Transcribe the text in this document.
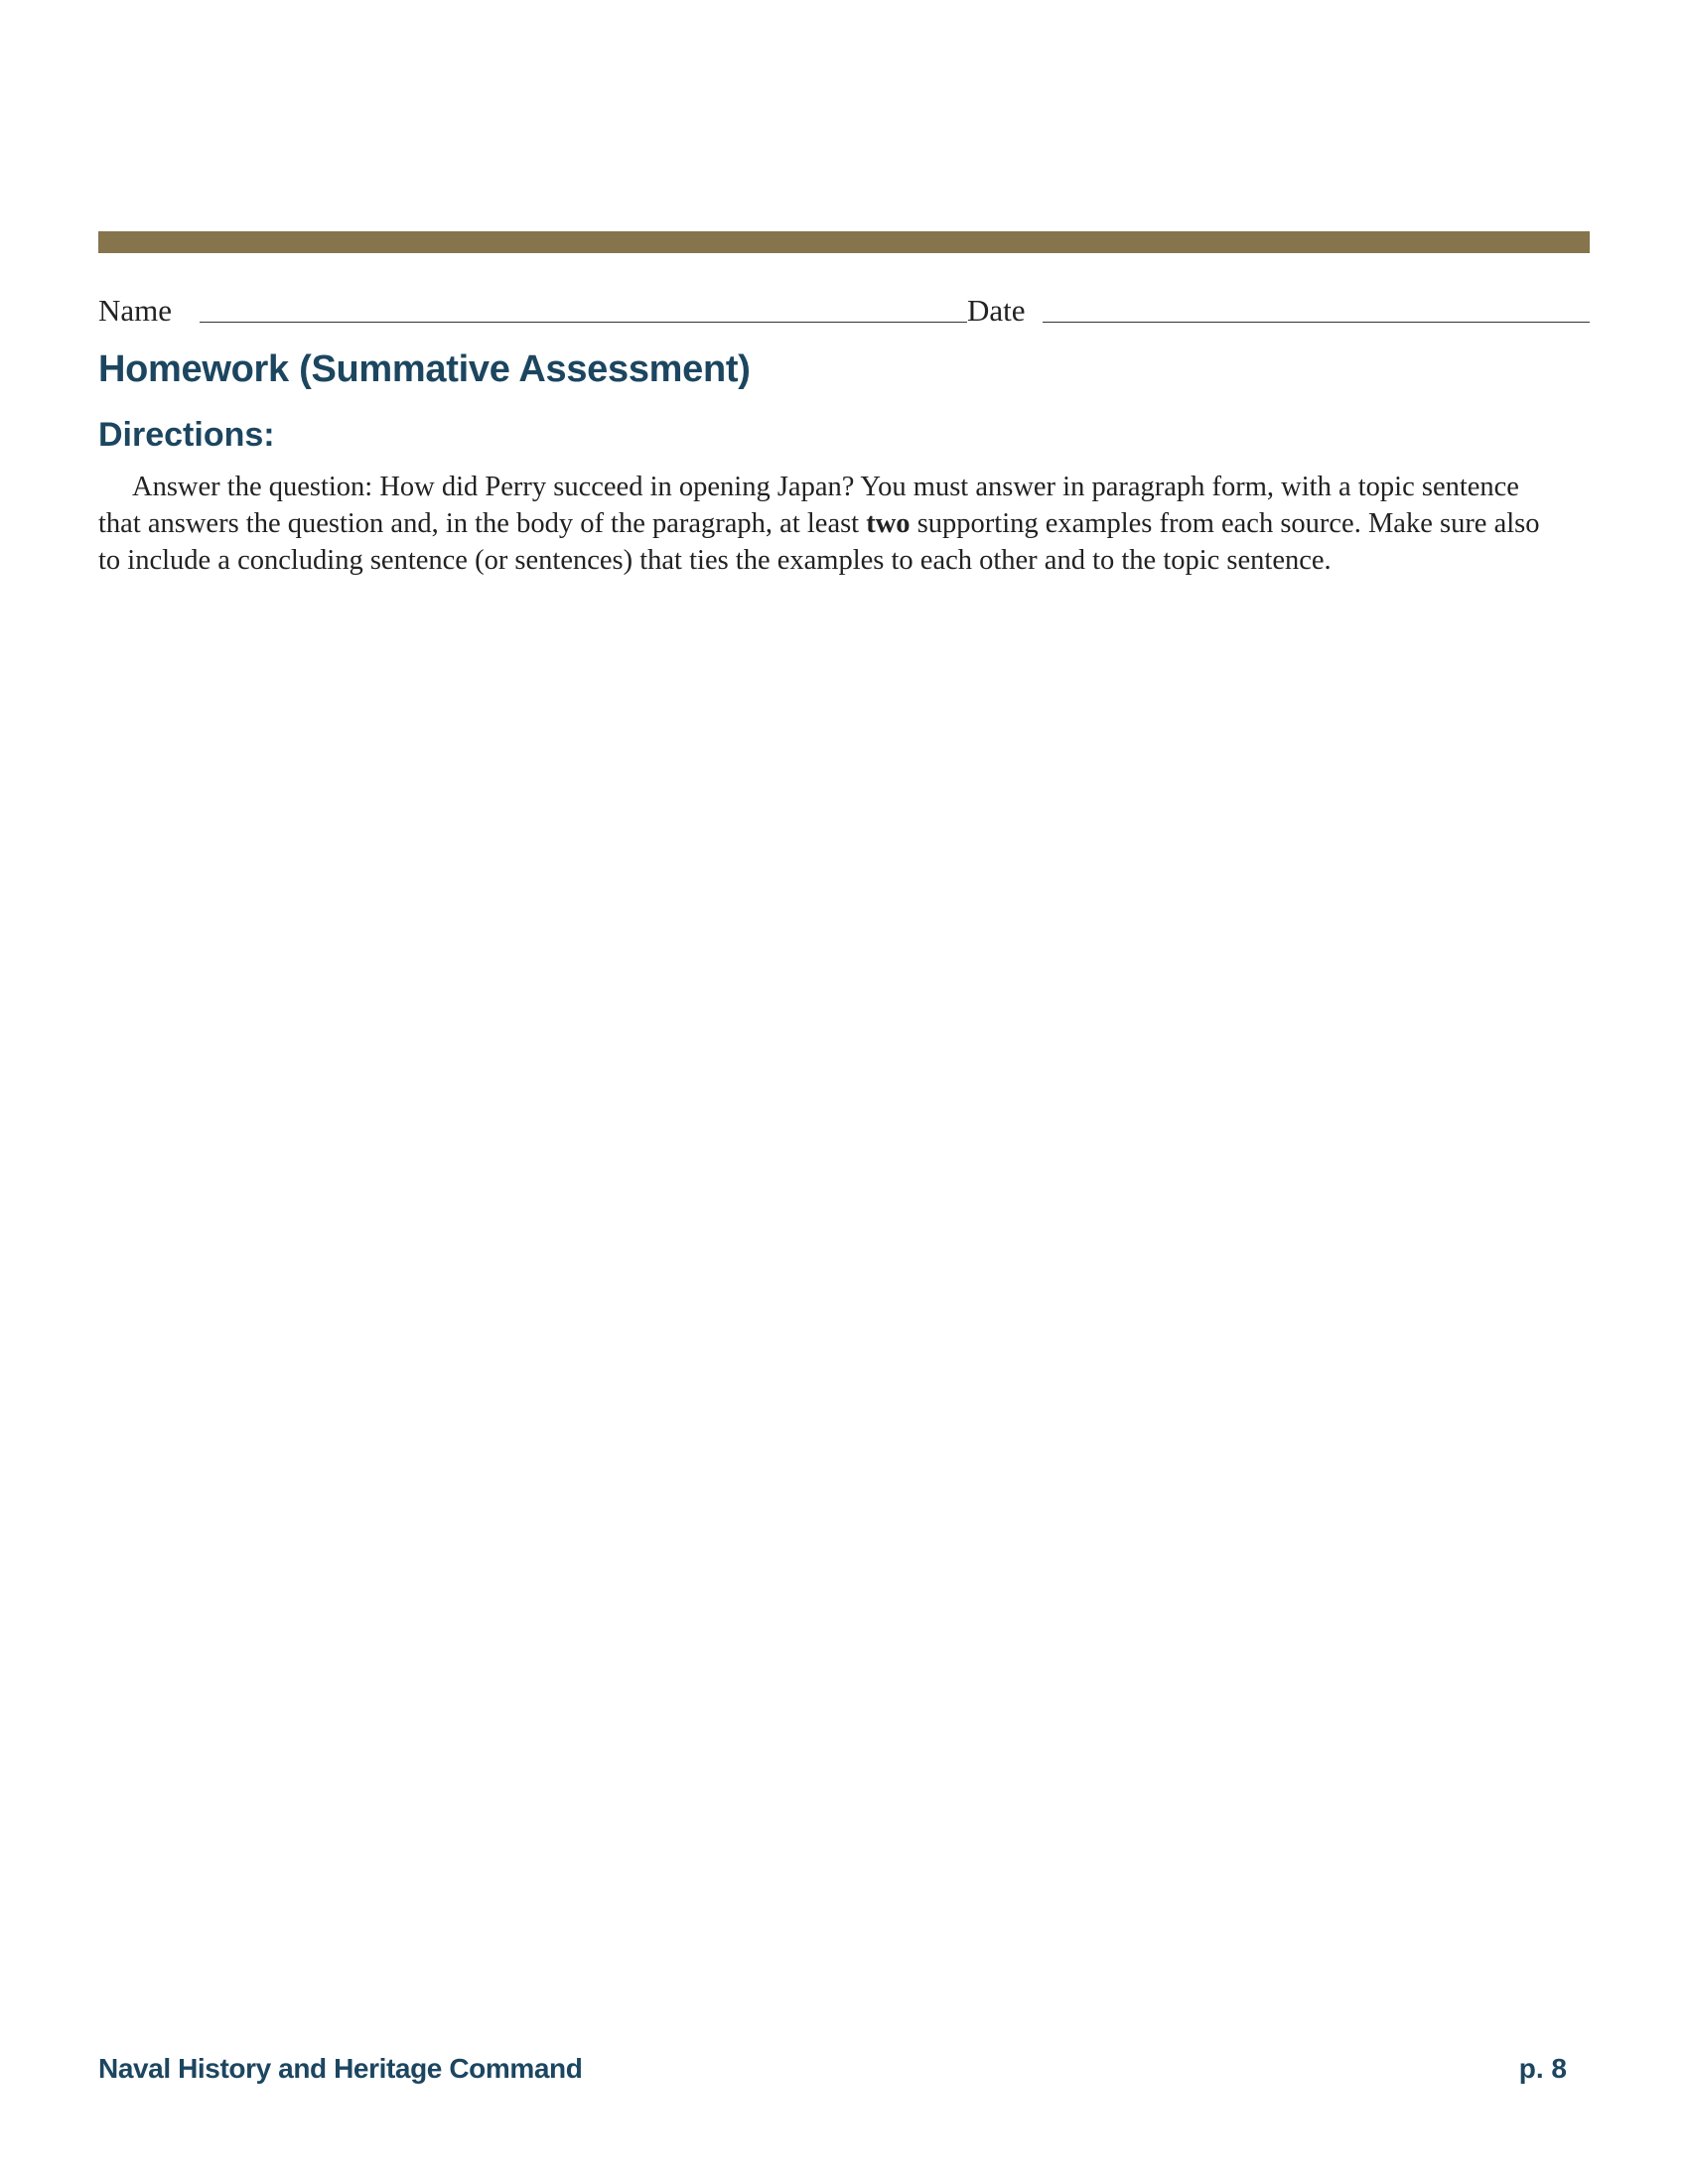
Name	Date
Homework (Summative Assessment)
Directions:

Answer the question: How did Perry succeed in opening Japan? You must answer in paragraph form, with a topic sentence that answers the question and, in the body of the paragraph, at least two supporting examples from each source. Make sure also to include a concluding sentence (or sentences) that ties the examples to each other and to the topic sentence.

Naval History and Heritage Command	p. 8
